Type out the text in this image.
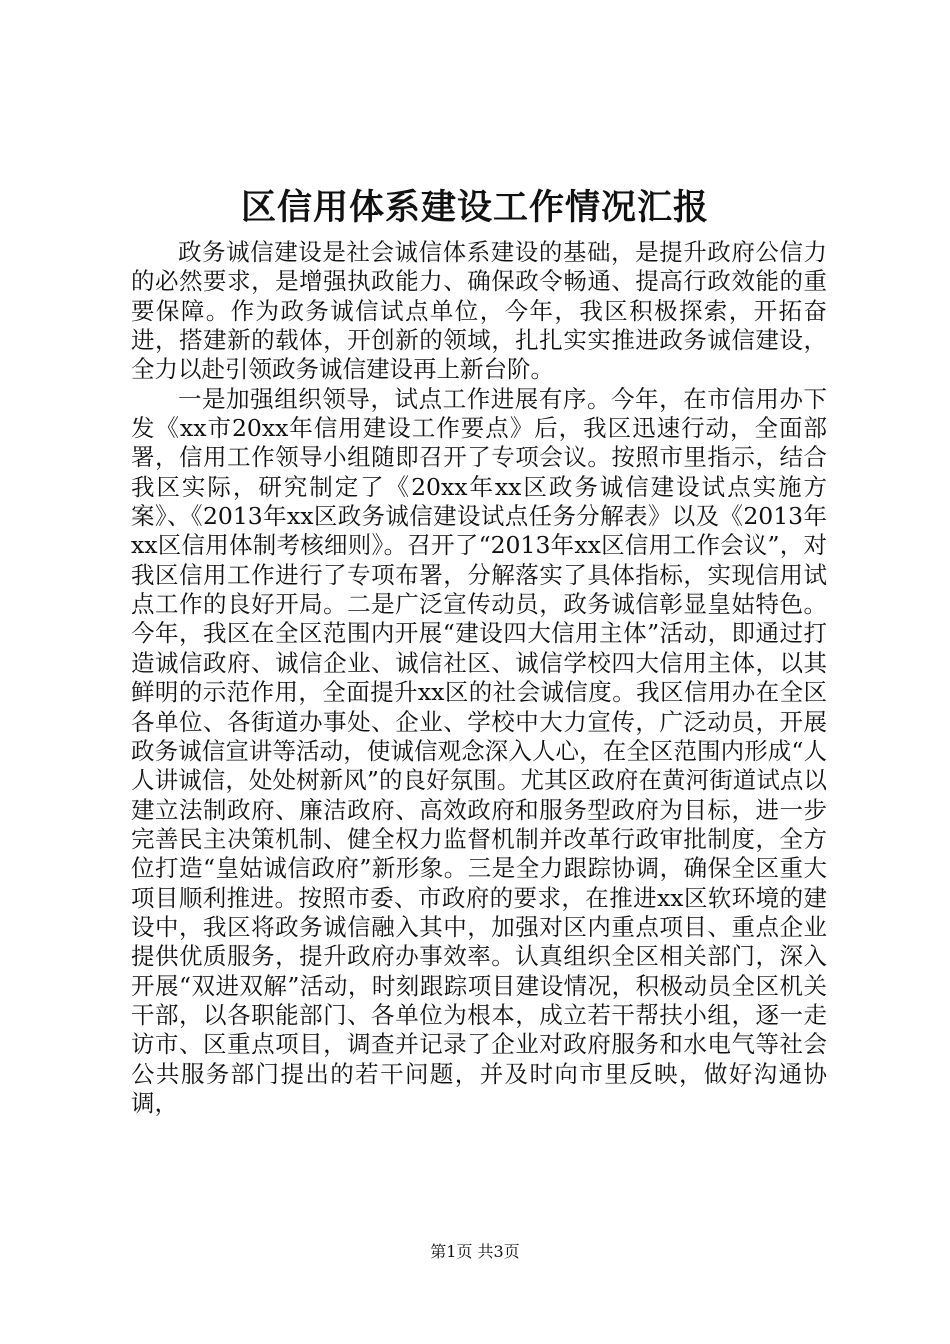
区信用体系建设工作情况汇报

政务诚信建设是社会诚信体系建设的基础，是提升政府公信力的必然要求，是增强执政能力、确保政令畅通、提高行政效能的重要保障。作为政务诚信试点单位，今年，我区积极探索，开拓奋进，搭建新的载体，开创新的领域，扎扎实实推进政务诚信建设，全力以赴引领政务诚信建设再上新台阶。

一是加强组织领导，试点工作进展有序。今年，在市信用办下发《xx市20xx年信用建设工作要点》后，我区迅速行动，全面部署，信用工作领导小组随即召开了专项会议。按照市里指示，结合我区实际，研究制定了《20xx年xx区政务诚信建设试点实施方案》、《2013年xx区政务诚信建设试点任务分解表》以及《2013年xx区信用体制考核细则》。召开了“2013年xx区信用工作会议”，对我区信用工作进行了专项布署，分解落实了具体指标，实现信用试点工作的良好开局。二是广泛宣传动员，政务诚信彰显皇姑特色。今年，我区在全区范围内开展“建设四大信用主体”活动，即通过打造诚信政府、诚信企业、诚信社区、诚信学校四大信用主体，以其鲜明的示范作用，全面提升xx区的社会诚信度。我区信用办在全区各单位、各街道办事处、企业、学校中大力宣传，广泛动员，开展政务诚信宣讲等活动，使诚信观念深入人心，在全区范围内形成“人人讲诚信，处处树新风”的良好氛围。尤其区政府在黄河街道试点以建立法制政府、廉洁政府、高效政府和服务型政府为目标，进一步完善民主决策机制、健全权力监督机制并改革行政审批制度，全方位打造“皇姑诚信政府”新形象。三是全力跟踪协调，确保全区重大项目顺利推进。按照市委、市政府的要求，在推进xx区软环境的建设中，我区将政务诚信融入其中，加强对区内重点项目、重点企业提供优质服务，提升政府办事效率。认真组织全区相关部门，深入开展“双进双解”活动，时刻跟踪项目建设情况，积极动员全区机关干部，以各职能部门、各单位为根本，成立若干帮扶小组，逐一走访市、区重点项目，调查并记录了企业对政府服务和水电气等社会公共服务部门提出的若干问题，并及时向市里反映，做好沟通协调，

第1页 共3页
